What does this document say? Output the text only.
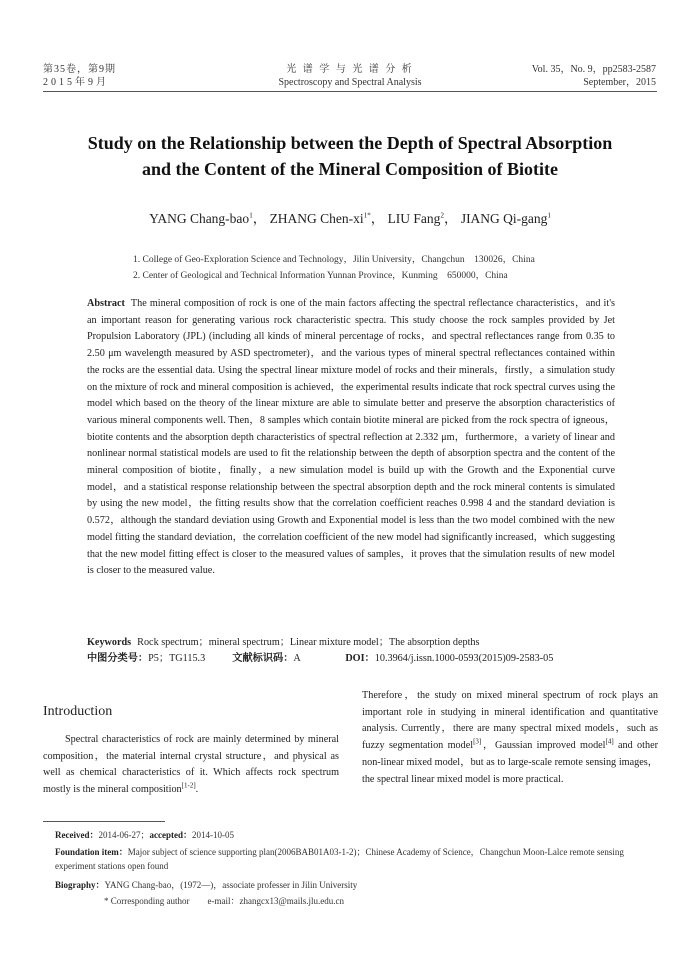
第35卷，第9期
2015年9月
光 谱 学 与 光 谱 分 析
Spectroscopy and Spectral Analysis
Vol. 35，No. 9，pp2583-2587
September，2015
Study on the Relationship between the Depth of Spectral Absorption
and the Content of the Mineral Composition of Biotite
YANG Chang-bao$^1$， ZHANG Chen-$xi^{1*}$， LIU Fang$^2$， JIANG Qi-gang$^1$
1. College of Geo-Exploration Science and Technology，Jilin University，Changchun　130026，China
2. Center of Geological and Technical Information Yunnan Province，Kunming　650000，China
Abstract The mineral composition of rock is one of the main factors affecting the spectral reflectance characteristics，and it's an important reason for generating various rock characteristic spectra. This study choose the rock samples provided by Jet Propulsion Laboratory (JPL) (including all kinds of mineral percentage of rocks，and spectral reflectances range from 0.35 to 2.50 μm wavelength measured by ASD spectrometer)，and the various types of mineral spectral reflectances contained within the rocks are the essential data. Using the spectral linear mixture model of rocks and their minerals，firstly，a simulation study on the mixture of rock and mineral composition is achieved，the experimental results indicate that rock spectral curves using the model which based on the theory of the linear mixture are able to simulate better and preserve the absorption characteristics of various mineral components well. Then，8 samples which contain biotite mineral are picked from the rock spectra of igneous，biotite contents and the absorption depth characteristics of spectral reflection at 2.332 μm，furthermore，a variety of linear and nonlinear normal statistical models are used to fit the relationship between the depth of absorption spectra and the content of the mineral composition of biotite，finally，a new simulation model is build up with the Growth and the Exponential curve model，and a statistical response relationship between the spectral absorption depth and the rock mineral contents is simulated by using the new model，the fitting results show that the correlation coefficient reaches 0.998 4 and the standard deviation is 0.572，although the standard deviation using Growth and Exponential model is less than the two model combined with the new model fitting the standard deviation，the correlation coefficient of the new model had significantly increased，which suggesting that the new model fitting effect is closer to the measured values of samples，it proves that the simulation results of new model is closer to the measured value.
Keywords Rock spectrum；mineral spectrum；Linear mixture model；The absorption depths
中图分类号：P5；TG115.3	文献标识码：A	DOI：10.3964/j.issn.1000-0593(2015)09-2583-05
Introduction
Spectral characteristics of rock are mainly determined by mineral composition，the material internal crystal structure，and physical as well as chemical characteristics of it. Which affects rock spectrum mostly is the mineral composition[1-2].
Therefore，the study on mixed mineral spectrum of rock plays an important role in studying in mineral identification and quantitative analysis. Currently，there are many spectral mixed models，such as fuzzy segmentation model[3]，Gaussian improved model[4] and other non-linear mixed model，but as to large-scale remote sensing images，the spectral linear mixed model is more practical.
Received：2014-06-27；accepted：2014-10-05
Foundation item：Major subject of science supporting plan(2006BAB01A03-1-2)；Chinese Academy of Science，Changchun Moon-Lalce remote sensing experiment stations open found
Biography：YANG Chang-bao，(1972—)，associate professer in Jilin University
* Corresponding author　　e-mail：zhangcx13@mails.jlu.edu.cn
